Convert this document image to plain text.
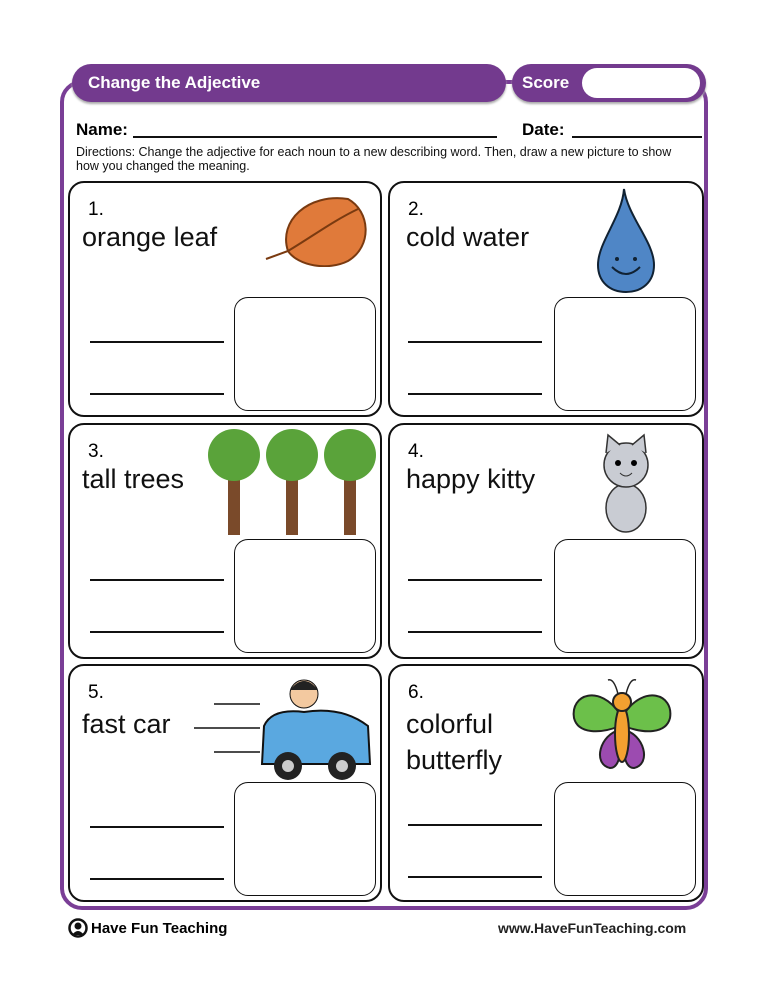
Change the Adjective	Score
Name:	Date:
Directions: Change the adjective for each noun to a new describing word. Then, draw a new picture to show how you changed the meaning.
1.
orange leaf
2.
cold water
3.
tall trees
4.
happy kitty
5.
fast car
6.
colorful butterfly
Have Fun Teaching	www.HaveFunTeaching.com
